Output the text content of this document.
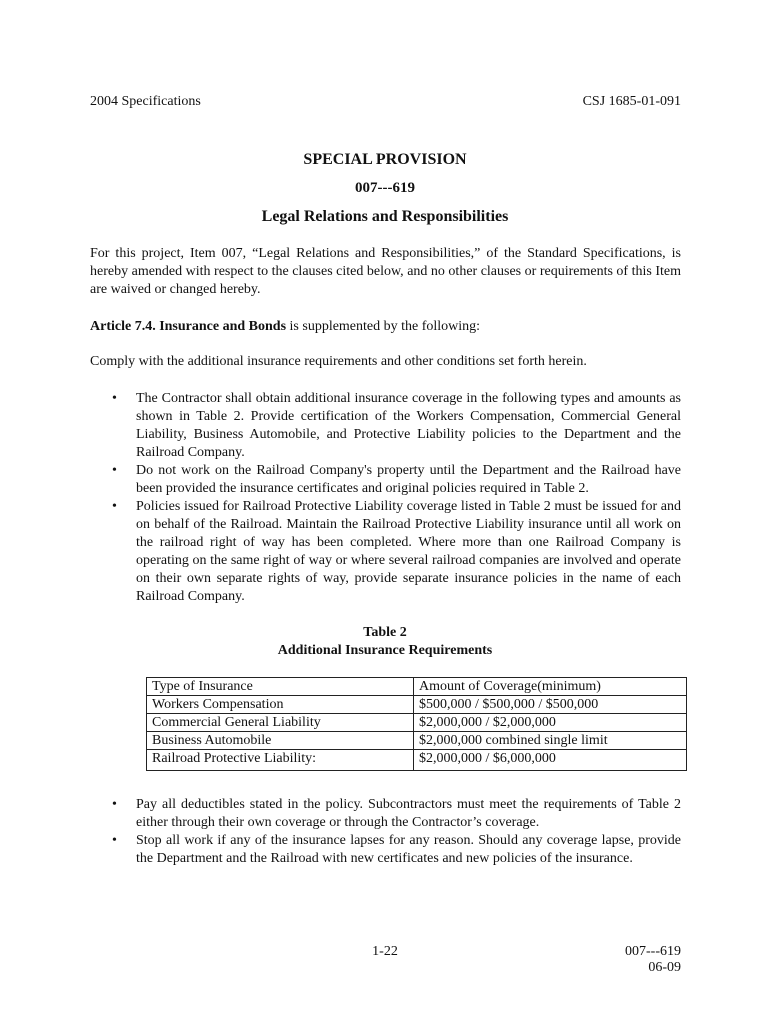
2004 Specifications	CSJ 1685-01-091
SPECIAL PROVISION
007---619
Legal Relations and Responsibilities
For this project, Item 007, “Legal Relations and Responsibilities,” of the Standard Specifications, is hereby amended with respect to the clauses cited below, and no other clauses or requirements of this Item are waived or changed hereby.
Article 7.4. Insurance and Bonds is supplemented by the following:
Comply with the additional insurance requirements and other conditions set forth herein.
• The Contractor shall obtain additional insurance coverage in the following types and amounts as shown in Table 2. Provide certification of the Workers Compensation, Commercial General Liability, Business Automobile, and Protective Liability policies to the Department and the Railroad Company.
• Do not work on the Railroad Company's property until the Department and the Railroad have been provided the insurance certificates and original policies required in Table 2.
• Policies issued for Railroad Protective Liability coverage listed in Table 2 must be issued for and on behalf of the Railroad. Maintain the Railroad Protective Liability insurance until all work on the railroad right of way has been completed. Where more than one Railroad Company is operating on the same right of way or where several railroad companies are involved and operate on their own separate rights of way, provide separate insurance policies in the name of each Railroad Company.
Table 2
Additional Insurance Requirements
Type of Insurance	Amount of Coverage(minimum)
Workers Compensation	$500,000 / $500,000 / $500,000
Commercial General Liability	$2,000,000 / $2,000,000
Business Automobile	$2,000,000 combined single limit
Railroad Protective Liability:	$2,000,000 / $6,000,000
• Pay all deductibles stated in the policy. Subcontractors must meet the requirements of Table 2 either through their own coverage or through the Contractor’s coverage.
• Stop all work if any of the insurance lapses for any reason. Should any coverage lapse, provide the Department and the Railroad with new certificates and new policies of the insurance.
1-22	007---619
06-09
